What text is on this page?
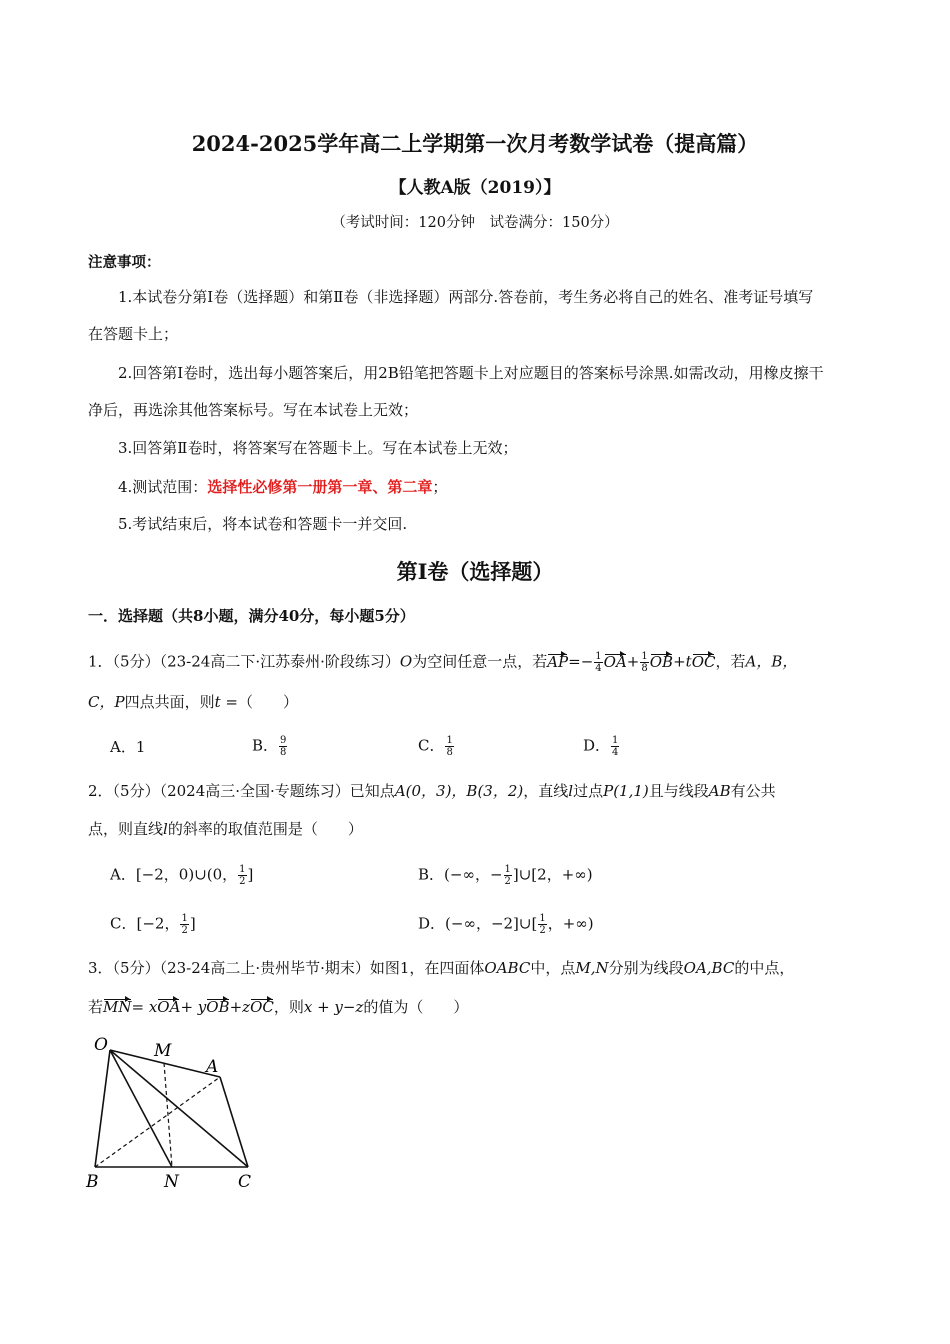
2024-2025学年高二上学期第一次月考数学试卷（提高篇）
【人教A版（2019）】
（考试时间：120分钟　试卷满分：150分）
注意事项：
1.本试卷分第Ⅰ卷（选择题）和第Ⅱ卷（非选择题）两部分.答卷前，考生务必将自己的姓名、准考证号填写
在答题卡上；
2.回答第Ⅰ卷时，选出每小题答案后，用2B铅笔把答题卡上对应题目的答案标号涂黑.如需改动，用橡皮擦干
净后，再选涂其他答案标号。写在本试卷上无效；
3.回答第Ⅱ卷时，将答案写在答题卡上。写在本试卷上无效；
4.测试范围：选择性必修第一册第一章、第二章；
5.考试结束后，将本试卷和答题卡一并交回.
第Ⅰ卷（选择题）
一．选择题（共8小题，满分40分，每小题5分）
1．（5分）（23-24高二下·江苏泰州·阶段练习）O为空间任意一点，若$AP=- \frac{1}{4} OA+ \frac{1}{8} OB+tOC$，若A，B，
C，P四点共面，则t =（　　）
A．1	B． $\frac{9}{8}$	C． $\frac{1}{8}$	D． $\frac{1}{4}$
2．（5分）（2024高三·全国·专题练习）已知点A(0，3)，B(3，2)，直线l过点P(1,1)且与线段AB有公共
点，则直线l的斜率的取值范围是（　　）
A．[−2，0)∪(0， $\frac{1}{2}$ ]	B．(−∞，− $\frac{1}{2}$ ]∪[2，+∞)
C．[−2， $\frac{1}{2}$ ]	D．(−∞，−2]∪[ $\frac{1}{2}$ ，+∞)
3．（5分）（23-24高二上·贵州毕节·期末）如图1，在四面体OABC中，点M,N分别为线段OA,BC的中点，
若MN= xOA+ yOB+zOC，则x + y−z的值为（　　）
O	M
A
B	N	C
